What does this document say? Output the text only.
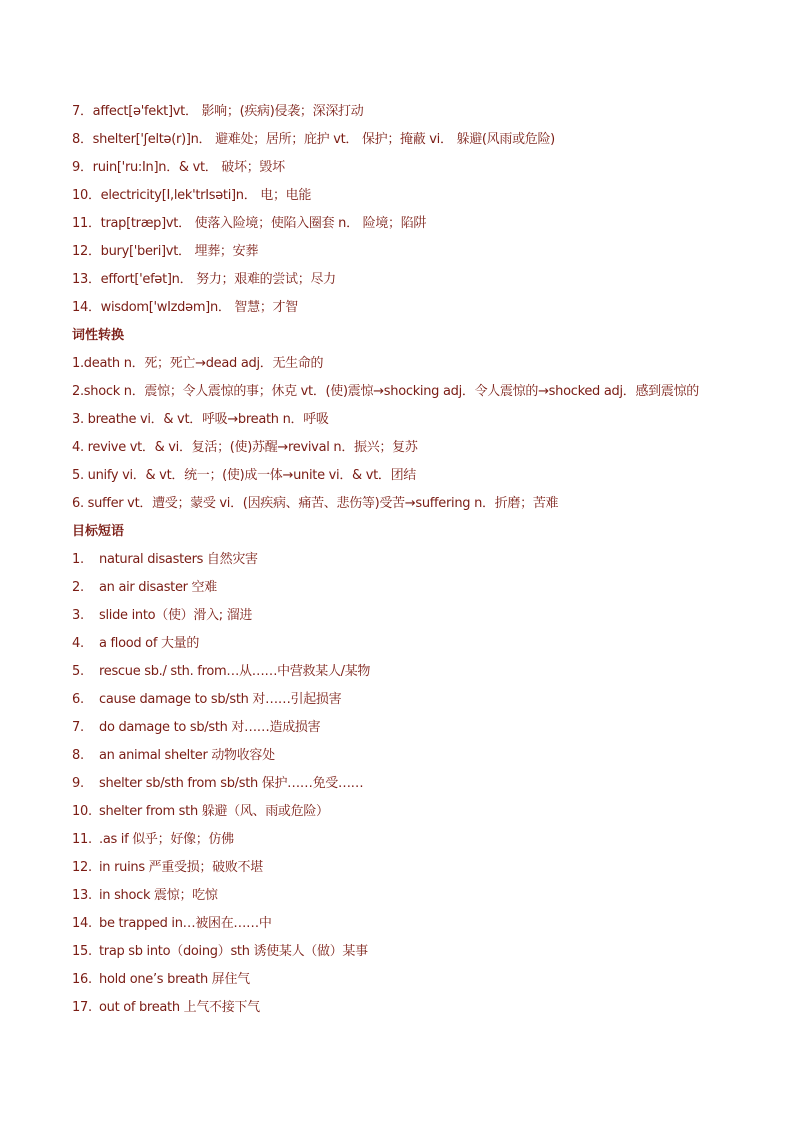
7．affect[ə'fekt]vt． 影响；(疾病)侵袭；深深打动
8．shelter['ʃeltə(r)]n． 避难处；居所；庇护 vt． 保护；掩蔽 vi． 躲避(风雨或危险)
9．ruin['ru:In]n．& vt． 破坏；毁坏
10．electricity[I,lek'trIsəti]n． 电；电能
11．trap[træp]vt． 使落入险境；使陷入圈套 n． 险境；陷阱
12．bury['beri]vt． 埋葬；安葬
13．effort['efət]n． 努力；艰难的尝试；尽力
14．wisdom['wIzdəm]n． 智慧；才智
词性转换
1.death n．死；死亡→dead adj．无生命的
2.shock n．震惊；令人震惊的事；休克 vt．(使)震惊→shocking adj．令人震惊的→shocked adj．感到震惊的
3. breathe vi．& vt．呼吸→breath n．呼吸
4. revive vt．& vi．复活；(使)苏醒→revival n．振兴；复苏
5. unify vi．& vt．统一；(使)成一体→unite vi．& vt．团结
6. suffer vt．遭受；蒙受 vi．(因疾病、痛苦、悲伤等)受苦→suffering n．折磨；苦难
目标短语
1. natural disasters 自然灾害
2. an air disaster 空难
3. slide into（使）滑入; 溜进
4. a flood of 大量的
5. rescue sb./ sth. from…从……中营救某人/某物
6. cause damage to sb/sth 对……引起损害
7. do damage to sb/sth 对……造成损害
8. an animal shelter 动物收容处
9. shelter sb/sth from sb/sth 保护……免受……
10. shelter from sth 躲避（风、雨或危险）
11. .as if 似乎；好像；仿佛
12. in ruins 严重受损；破败不堪
13. in shock 震惊；吃惊
14. be trapped in…被困在……中
15. trap sb into（doing）sth 诱使某人（做）某事
16. hold one’s breath 屏住气
17. out of breath 上气不接下气
